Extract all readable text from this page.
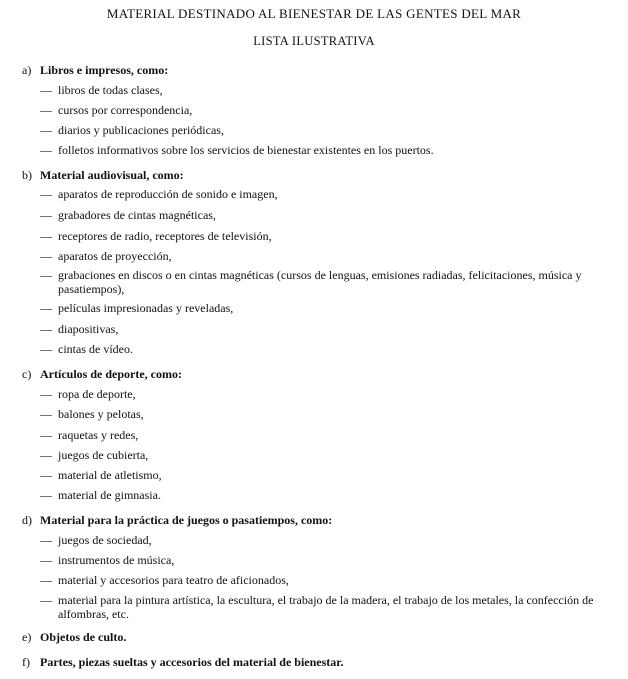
MATERIAL DESTINADO AL BIENESTAR DE LAS GENTES DEL MAR
LISTA ILUSTRATIVA
a) Libros e impresos, como:
— libros de todas clases,
— cursos por correspondencia,
— diarios y publicaciones periódicas,
— folletos informativos sobre los servicios de bienestar existentes en los puertos.
b) Material audiovisual, como:
— aparatos de reproducción de sonido e imagen,
— grabadores de cintas magnéticas,
— receptores de radio, receptores de televisión,
— aparatos de proyección,
— grabaciones en discos o en cintas magnéticas (cursos de lenguas, emisiones radiadas, felicitaciones, música y pasatiempos),
— películas impresionadas y reveladas,
— diapositivas,
— cintas de vídeo.
c) Artículos de deporte, como:
— ropa de deporte,
— balones y pelotas,
— raquetas y redes,
— juegos de cubierta,
— material de atletismo,
— material de gimnasia.
d) Material para la práctica de juegos o pasatiempos, como:
— juegos de sociedad,
— instrumentos de música,
— material y accesorios para teatro de aficionados,
— material para la pintura artística, la escultura, el trabajo de la madera, el trabajo de los metales, la confección de alfombras, etc.
e) Objetos de culto.
f) Partes, piezas sueltas y accesorios del material de bienestar.
